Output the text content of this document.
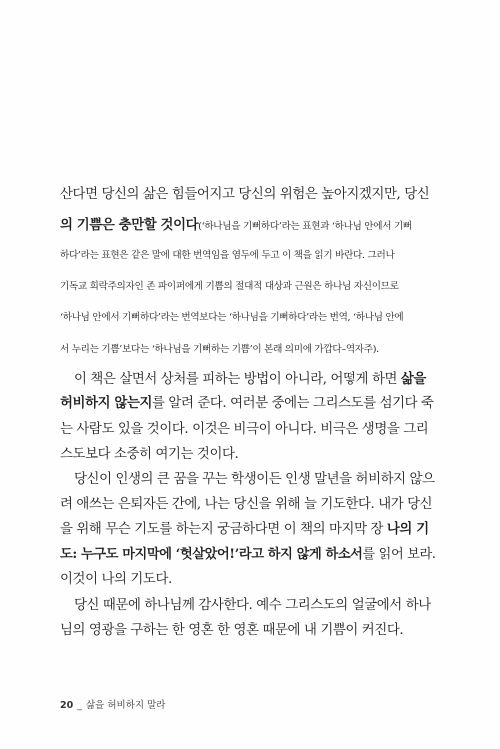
산다면 당신의 삶은 힘들어지고 당신의 위험은 높아지겠지만, 당신
의 기쁨은 충만할 것이다(‘하나님을 기뻐하다’라는 표현과 ‘하나님 안에서 기뻐
하다’라는 표현은 같은 말에 대한 번역임을 염두에 두고 이 책을 읽기 바란다. 그러나
기독교 희락주의자인 존 파이퍼에게 기쁨의 절대적 대상과 근원은 하나님 자신이므로
‘하나님 안에서 기뻐하다’라는 번역보다는 ‘하나님을 기뻐하다’라는 번역, ‘하나님 안에
서 누리는 기쁨’보다는 ‘하나님을 기뻐하는 기쁨’이 본래 의미에 가깝다–역자주).
이 책은 살면서 상처를 피하는 방법이 아니라, 어떻게 하면 삶을
허비하지 않는지를 알려 준다. 여러분 중에는 그리스도를 섬기다 죽
는 사람도 있을 것이다. 이것은 비극이 아니다. 비극은 생명을 그리
스도보다 소중히 여기는 것이다.
당신이 인생의 큰 꿈을 꾸는 학생이든 인생 말년을 허비하지 않으
려 애쓰는 은퇴자든 간에, 나는 당신을 위해 늘 기도한다. 내가 당신
을 위해 무슨 기도를 하는지 궁금하다면 이 책의 마지막 장 나의 기
도: 누구도 마지막에 ‘헛살았어!’라고 하지 않게 하소서를 읽어 보라.
이것이 나의 기도다.
당신 때문에 하나님께 감사한다. 예수 그리스도의 얼굴에서 하나
님의 영광을 구하는 한 영혼 한 영혼 때문에 내 기쁨이 커진다.
20 _ 삶을 허비하지 말라
